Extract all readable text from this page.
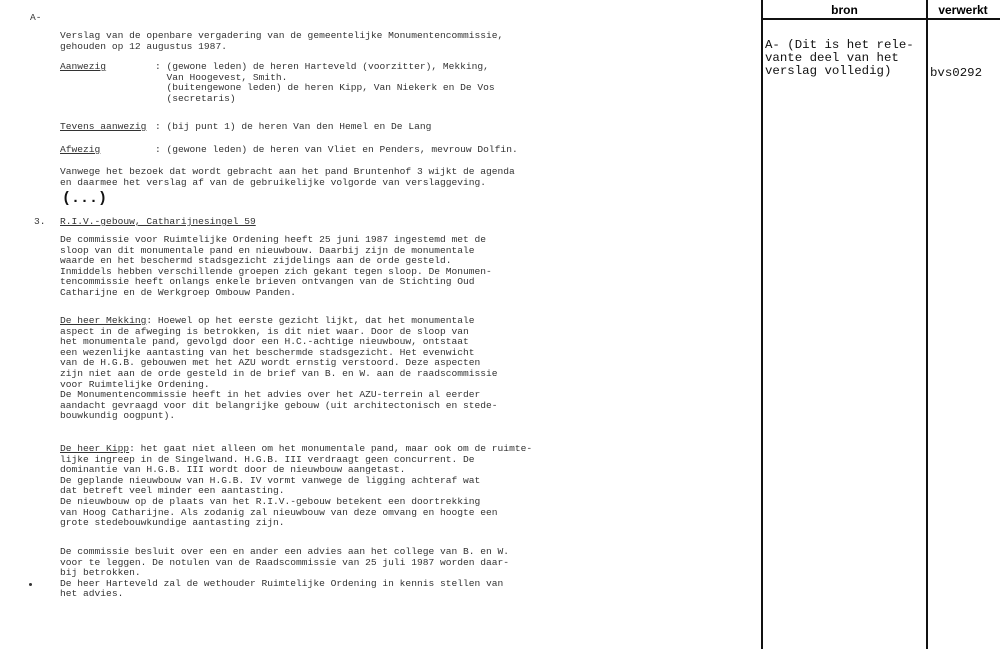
bron	verwerkt
A- (Dit is het rele-
vante deel van het
verslag volledig)	bvs0292
A-
Verslag van de openbare vergadering van de gemeentelijke Monumentencommissie,
gehouden op 12 augustus 1987.
Aanwezig	: (gewone leden) de heren Harteveld (voorzitter), Mekking,
Van Hoogevest, Smith.
(buitengewone leden) de heren Kipp, Van Niekerk en De Vos
(secretaris)
Tevens aanwezig : (bij punt 1) de heren Van den Hemel en De Lang
Afwezig	: (gewone leden) de heren van Vliet en Penders, mevrouw Dolfin.
Vanwege het bezoek dat wordt gebracht aan het pand Bruntenhof 3 wijkt de agenda
en daarmee het verslag af van de gebruikelijke volgorde van verslaggeving.
(...)
3. R.I.V.-gebouw, Catharijnesingel 59
De commissie voor Ruimtelijke Ordening heeft 25 juni 1987 ingestemd met de
sloop van dit monumentale pand en nieuwbouw. Daarbij zijn de monumentale
waarde en het beschermd stadsgezicht zijdelings aan de orde gesteld.
Inmiddels hebben verschillende groepen zich gekant tegen sloop. De Monumen-
tencommissie heeft onlangs enkele brieven ontvangen van de Stichting Oud
Catharijne en de Werkgroep Ombouw Panden.
De heer Mekking: Hoewel op het eerste gezicht lijkt, dat het monumentale
aspect in de afweging is betrokken, is dit niet waar. Door de sloop van
het monumentale pand, gevolgd door een H.C.-achtige nieuwbouw, ontstaat
een wezenlijke aantasting van het beschermde stadsgezicht. Het evenwicht
van de H.G.B. gebouwen met het AZU wordt ernstig verstoord. Deze aspecten
zijn niet aan de orde gesteld in de brief van B. en W. aan de raadscommissie
voor Ruimtelijke Ordening.
De Monumentencommissie heeft in het advies over het AZU-terrein al eerder
aandacht gevraagd voor dit belangrijke gebouw (uit architectonisch en stede-
bouwkundig oogpunt).
De heer Kipp: het gaat niet alleen om het monumentale pand, maar ook om de ruimte-
lijke ingreep in de Singelwand. H.G.B. III verdraagt geen concurrent. De
dominantie van H.G.B. III wordt door de nieuwbouw aangetast.
De geplande nieuwbouw van H.G.B. IV vormt vanwege de ligging achteraf wat
dat betreft veel minder een aantasting.
De nieuwbouw op de plaats van het R.I.V.-gebouw betekent een doortrekking
van Hoog Catharijne. Als zodanig zal nieuwbouw van deze omvang en hoogte een
grote stedebouwkundige aantasting zijn.
De commissie besluit over een en ander een advies aan het college van B. en W.
voor te leggen. De notulen van de Raadscommissie van 25 juli 1987 worden daar-
bij betrokken.
De heer Harteveld zal de wethouder Ruimtelijke Ordening in kennis stellen van
het advies.
